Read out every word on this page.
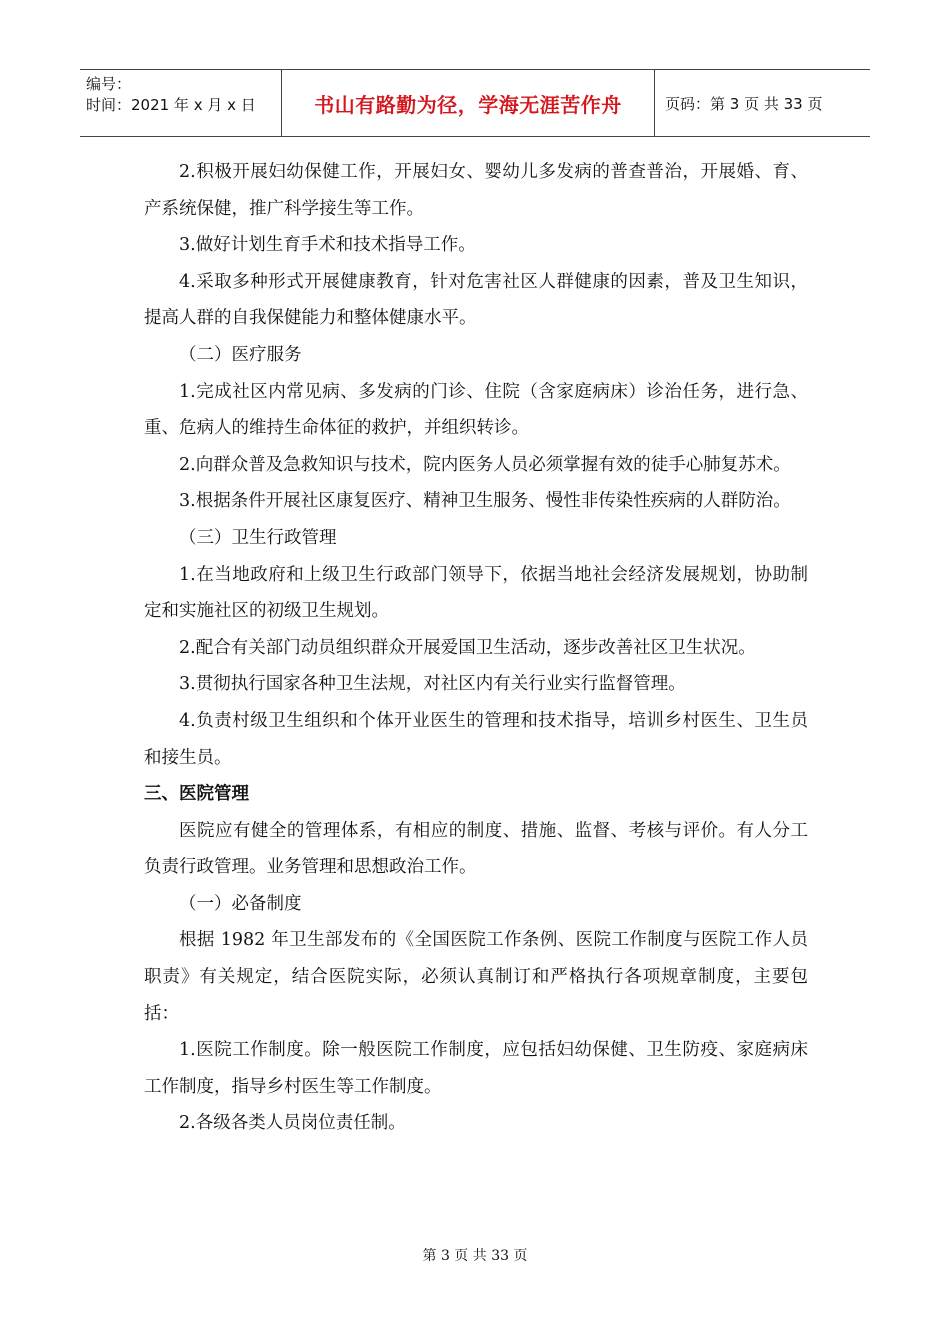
编号：
时间：2021 年 x 月 x 日	书山有路勤为径，学海无涯苦作舟	页码：第 3 页 共 33 页

2.积极开展妇幼保健工作，开展妇女、婴幼儿多发病的普查普治，开展婚、育、产系统保健，推广科学接生等工作。

3.做好计划生育手术和技术指导工作。

4.采取多种形式开展健康教育，针对危害社区人群健康的因素，普及卫生知识，提高人群的自我保健能力和整体健康水平。

（二）医疗服务

1.完成社区内常见病、多发病的门诊、住院（含家庭病床）诊治任务，进行急、重、危病人的维持生命体征的救护，并组织转诊。

2.向群众普及急救知识与技术，院内医务人员必须掌握有效的徒手心肺复苏术。

3.根据条件开展社区康复医疗、精神卫生服务、慢性非传染性疾病的人群防治。

（三）卫生行政管理

1.在当地政府和上级卫生行政部门领导下，依据当地社会经济发展规划，协助制定和实施社区的初级卫生规划。

2.配合有关部门动员组织群众开展爱国卫生活动，逐步改善社区卫生状况。

3.贯彻执行国家各种卫生法规，对社区内有关行业实行监督管理。

4.负责村级卫生组织和个体开业医生的管理和技术指导，培训乡村医生、卫生员和接生员。

三、医院管理

医院应有健全的管理体系，有相应的制度、措施、监督、考核与评价。有人分工负责行政管理。业务管理和思想政治工作。

（一）必备制度

根据 1982 年卫生部发布的《全国医院工作条例、医院工作制度与医院工作人员职责》有关规定，结合医院实际，必须认真制订和严格执行各项规章制度，主要包括：

1.医院工作制度。除一般医院工作制度，应包括妇幼保健、卫生防疫、家庭病床工作制度，指导乡村医生等工作制度。

2.各级各类人员岗位责任制。

第 3 页 共 33 页
